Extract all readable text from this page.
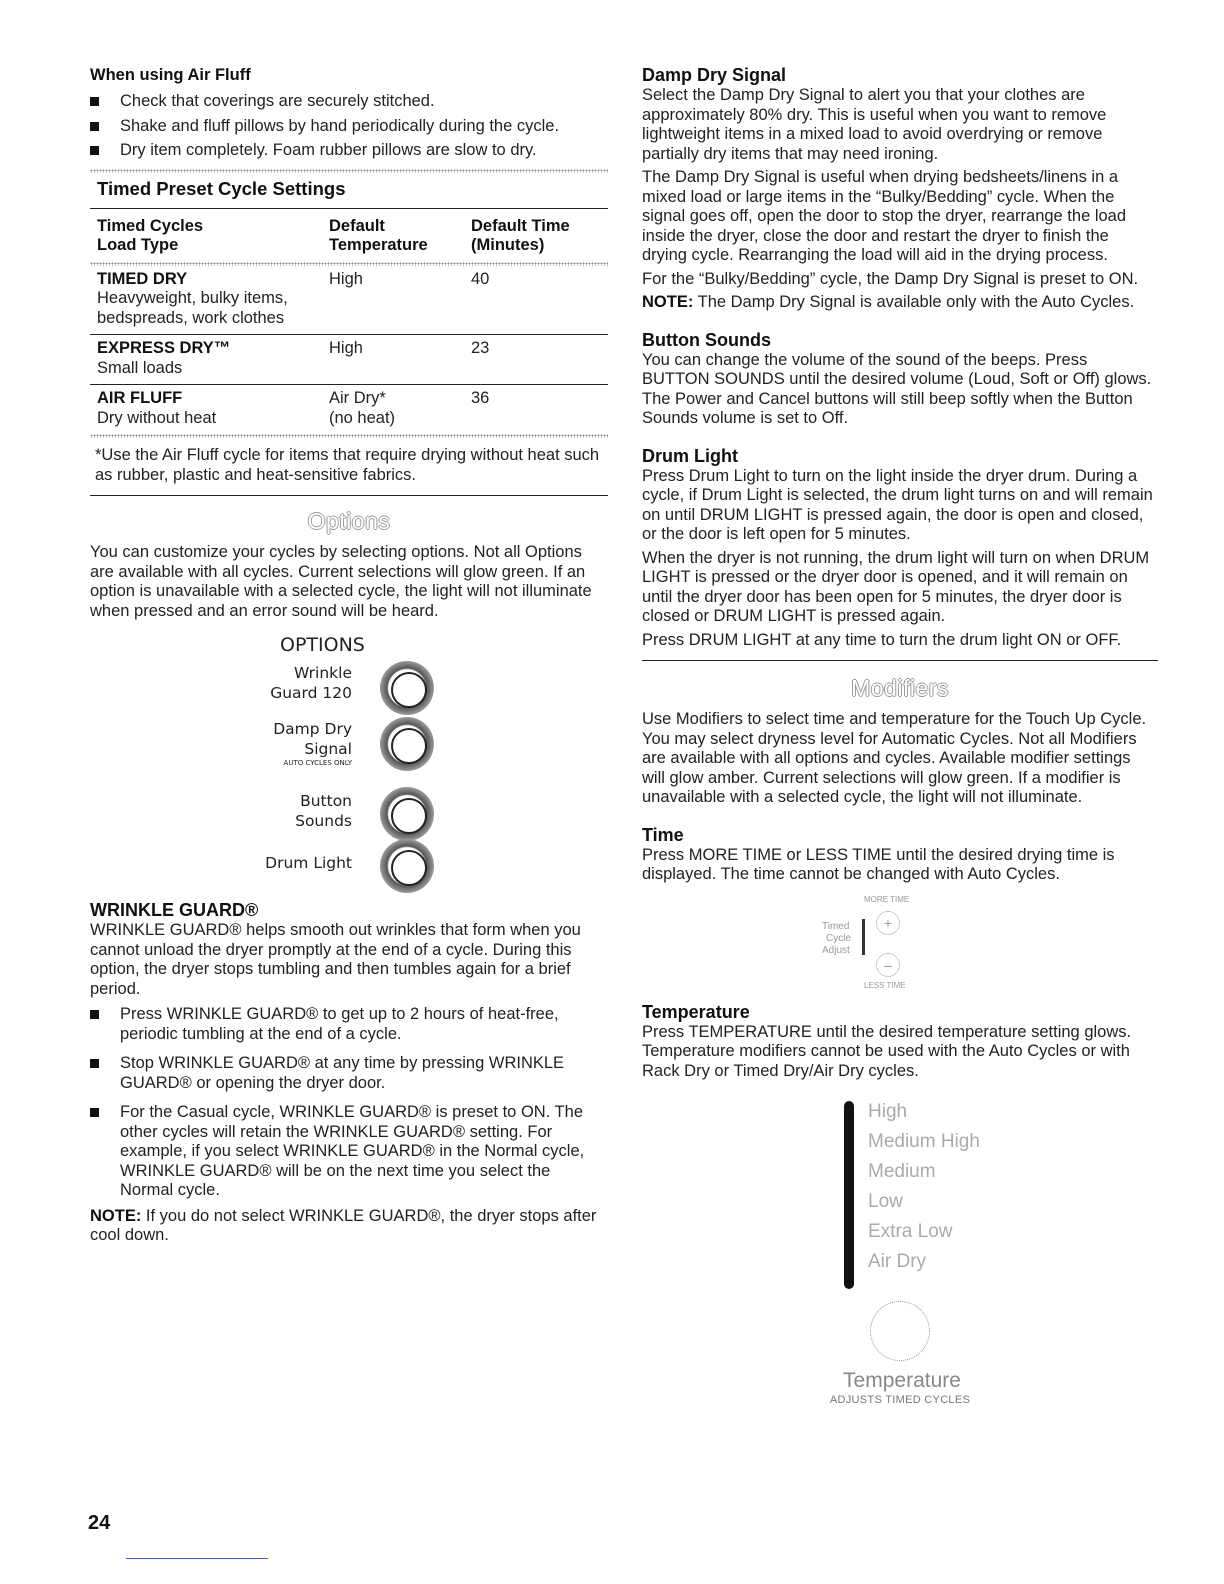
When using Air Fluff
Check that coverings are securely stitched.
Shake and fluff pillows by hand periodically during the cycle.
Dry item completely. Foam rubber pillows are slow to dry.
Timed Preset Cycle Settings
Timed Cycles
Load Type
Default
Temperature
Default Time
(Minutes)
TIMED DRY
Heavyweight, bulky items,
bedspreads, work clothes
High	40
EXPRESS DRY™
Small loads
High	23
AIR FLUFF
Dry without heat
Air Dry*
(no heat)
36

*Use the Air Fluff cycle for items that require drying without heat such as rubber, plastic and heat-sensitive fabrics.

Options

You can customize your cycles by selecting options. Not all Options are available with all cycles. Current selections will glow green. If an option is unavailable with a selected cycle, the light will not illuminate when pressed and an error sound will be heard.

OPTIONS
Wrinkle
Guard 120
Damp Dry
Signal
AUTO CYCLES ONLY
Button
Sounds
Drum Light
WRINKLE GUARD®

WRINKLE GUARD® helps smooth out wrinkles that form when you cannot unload the dryer promptly at the end of a cycle. During this option, the dryer stops tumbling and then tumbles again for a brief period.

Press WRINKLE GUARD® to get up to 2 hours of heat-free, periodic tumbling at the end of a cycle.
Stop WRINKLE GUARD® at any time by pressing WRINKLE GUARD® or opening the dryer door.
For the Casual cycle, WRINKLE GUARD® is preset to ON. The other cycles will retain the WRINKLE GUARD® setting. For example, if you select WRINKLE GUARD® in the Normal cycle, WRINKLE GUARD® will be on the next time you select the Normal cycle.

NOTE: If you do not select WRINKLE GUARD®, the dryer stops after cool down.

Damp Dry Signal

Select the Damp Dry Signal to alert you that your clothes are approximately 80% dry. This is useful when you want to remove lightweight items in a mixed load to avoid overdrying or remove partially dry items that may need ironing.

The Damp Dry Signal is useful when drying bedsheets/linens in a mixed load or large items in the “Bulky/Bedding” cycle. When the signal goes off, open the door to stop the dryer, rearrange the load inside the dryer, close the door and restart the dryer to finish the drying cycle. Rearranging the load will aid in the drying process.

For the “Bulky/Bedding” cycle, the Damp Dry Signal is preset to ON.

NOTE: The Damp Dry Signal is available only with the Auto Cycles.

Button Sounds

You can change the volume of the sound of the beeps. Press BUTTON SOUNDS until the desired volume (Loud, Soft or Off) glows. The Power and Cancel buttons will still beep softly when the Button Sounds volume is set to Off.

Drum Light

Press Drum Light to turn on the light inside the dryer drum. During a cycle, if Drum Light is selected, the drum light turns on and will remain on until DRUM LIGHT is pressed again, the door is open and closed, or the door is left open for 5 minutes.

When the dryer is not running, the drum light will turn on when DRUM LIGHT is pressed or the dryer door is opened, and it will remain on until the dryer door has been open for 5 minutes, the dryer door is closed or DRUM LIGHT is pressed again.

Press DRUM LIGHT at any time to turn the drum light ON or OFF.

Modifiers

Use Modifiers to select time and temperature for the Touch Up Cycle. You may select dryness level for Automatic Cycles. Not all Modifiers are available with all options and cycles. Available modifier settings will glow amber. Current selections will glow green. If a modifier is unavailable with a selected cycle, the light will not illuminate.

Time

Press MORE TIME or LESS TIME until the desired drying time is displayed. The time cannot be changed with Auto Cycles.

MORE TIME
Timed
Cycle
Adjust
+
–
LESS TIME
Temperature

Press TEMPERATURE until the desired temperature setting glows. Temperature modifiers cannot be used with the Auto Cycles or with Rack Dry or Timed Dry/Air Dry cycles.

High
Medium High
Medium
Low
Extra Low
Air Dry
Temperature
ADJUSTS TIMED CYCLES
24
